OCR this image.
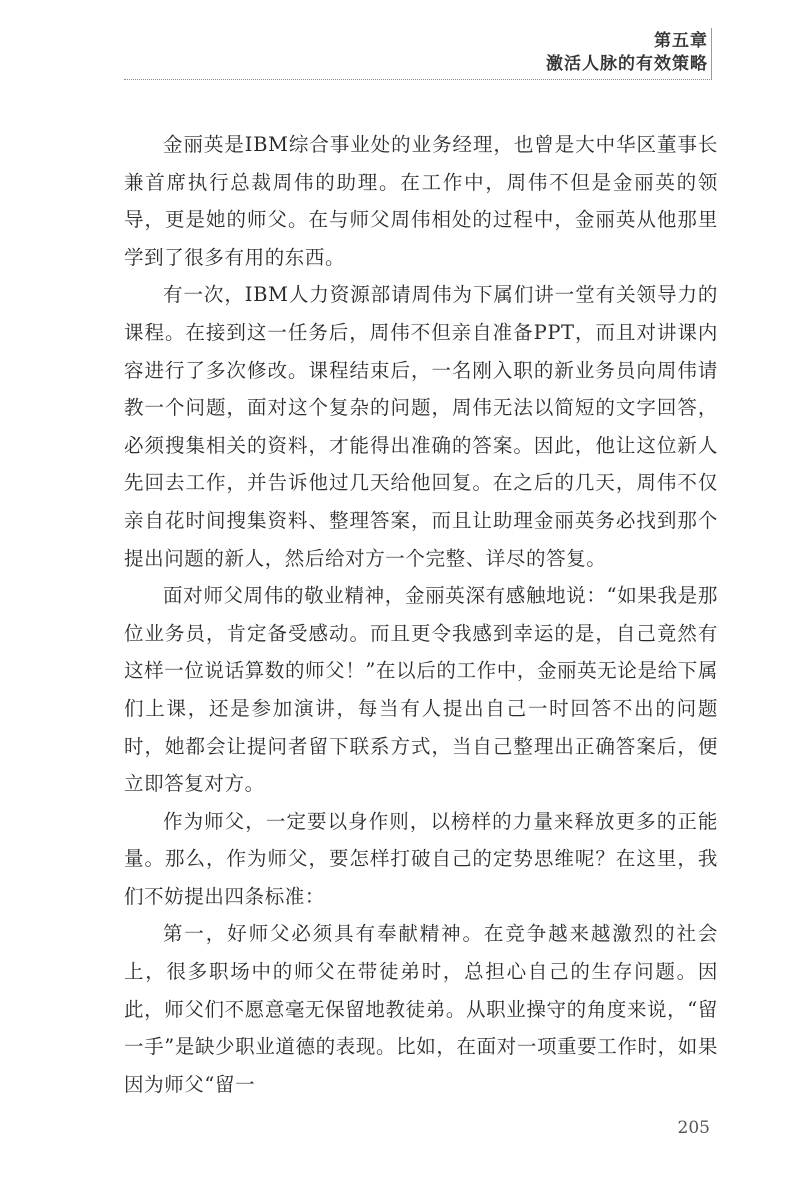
第五章
激活人脉的有效策略

金丽英是IBM综合事业处的业务经理，也曾是大中华区董事长兼首席执行总裁周伟的助理。在工作中，周伟不但是金丽英的领导，更是她的师父。在与师父周伟相处的过程中，金丽英从他那里学到了很多有用的东西。

有一次，IBM人力资源部请周伟为下属们讲一堂有关领导力的课程。在接到这一任务后，周伟不但亲自准备PPT，而且对讲课内容进行了多次修改。课程结束后，一名刚入职的新业务员向周伟请教一个问题，面对这个复杂的问题，周伟无法以简短的文字回答，必须搜集相关的资料，才能得出准确的答案。因此，他让这位新人先回去工作，并告诉他过几天给他回复。在之后的几天，周伟不仅亲自花时间搜集资料、整理答案，而且让助理金丽英务必找到那个提出问题的新人，然后给对方一个完整、详尽的答复。

面对师父周伟的敬业精神，金丽英深有感触地说：“如果我是那位业务员，肯定备受感动。而且更令我感到幸运的是，自己竟然有这样一位说话算数的师父！”在以后的工作中，金丽英无论是给下属们上课，还是参加演讲，每当有人提出自己一时回答不出的问题时，她都会让提问者留下联系方式，当自己整理出正确答案后，便立即答复对方。

作为师父，一定要以身作则，以榜样的力量来释放更多的正能量。那么，作为师父，要怎样打破自己的定势思维呢？在这里，我们不妨提出四条标准：

第一，好师父必须具有奉献精神。在竞争越来越激烈的社会上，很多职场中的师父在带徒弟时，总担心自己的生存问题。因此，师父们不愿意毫无保留地教徒弟。从职业操守的角度来说，“留一手”是缺少职业道德的表现。比如，在面对一项重要工作时，如果因为师父“留一

205
